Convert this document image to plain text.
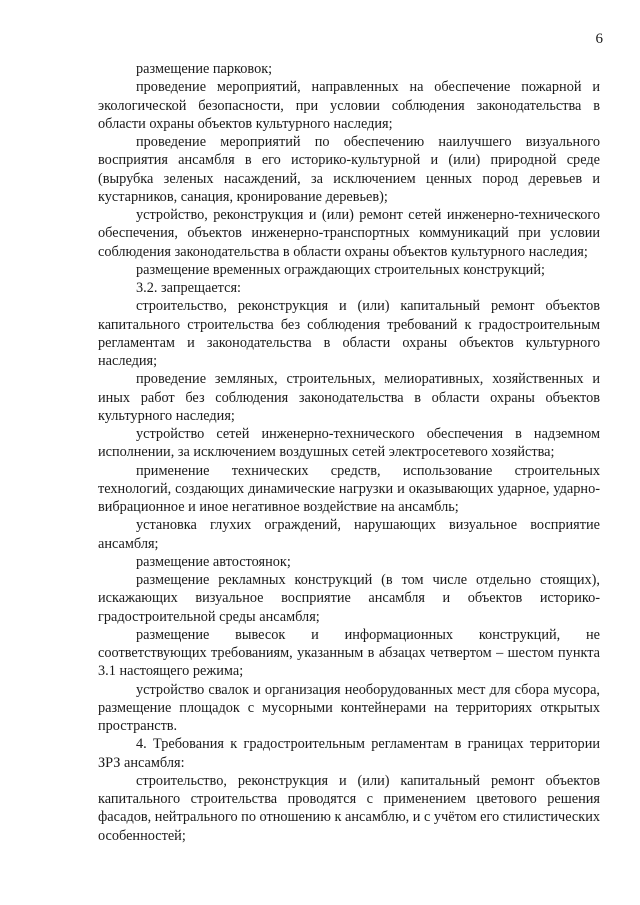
6

размещение парковок;

проведение мероприятий, направленных на обеспечение пожарной и экологической безопасности, при условии соблюдения законодательства в области охраны объектов культурного наследия;

проведение мероприятий по обеспечению наилучшего визуального восприятия ансамбля в его историко-культурной и (или) природной среде (вырубка зеленых насаждений, за исключением ценных пород деревьев и кустарников, санация, кронирование деревьев);

устройство, реконструкция и (или) ремонт сетей инженерно-технического обеспечения, объектов инженерно-транспортных коммуникаций при условии соблюдения законодательства в области охраны объектов культурного наследия;

размещение временных ограждающих строительных конструкций;

3.2. запрещается:

строительство, реконструкция и (или) капитальный ремонт объектов капитального строительства без соблюдения требований к градостроительным регламентам и законодательства в области охраны объектов культурного наследия;

проведение земляных, строительных, мелиоративных, хозяйственных и иных работ без соблюдения законодательства в области охраны объектов культурного наследия;

устройство сетей инженерно-технического обеспечения в надземном исполнении, за исключением воздушных сетей электросетевого хозяйства;

применение технических средств, использование строительных технологий, создающих динамические нагрузки и оказывающих ударное, ударно-вибрационное и иное негативное воздействие на ансамбль;

установка глухих ограждений, нарушающих визуальное восприятие ансамбля;

размещение автостоянок;

размещение рекламных конструкций (в том числе отдельно стоящих), искажающих визуальное восприятие ансамбля и объектов историко-градостроительной среды ансамбля;

размещение вывесок и информационных конструкций, не соответствующих требованиям, указанным в абзацах четвертом – шестом пункта 3.1 настоящего режима;

устройство свалок и организация необорудованных мест для сбора мусора, размещение площадок с мусорными контейнерами на территориях открытых пространств.

4. Требования к градостроительным регламентам в границах территории ЗРЗ ансамбля:

строительство, реконструкция и (или) капитальный ремонт объектов капитального строительства проводятся с применением цветового решения фасадов, нейтрального по отношению к ансамблю, и с учётом его стилистических особенностей;
